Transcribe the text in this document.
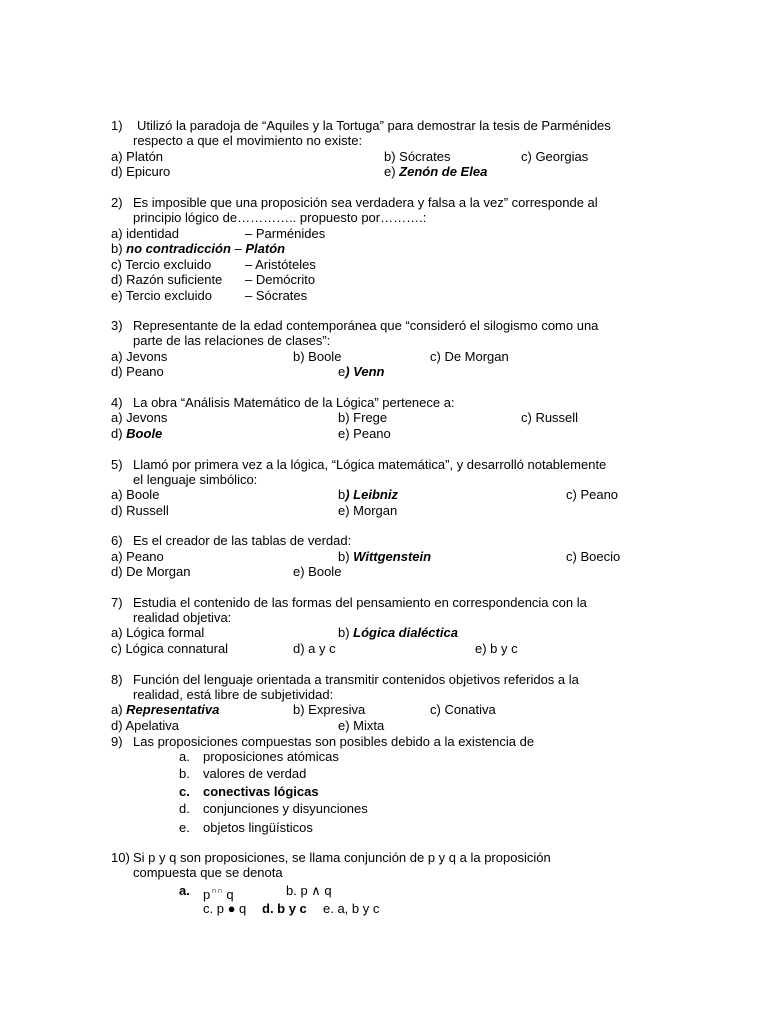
1) Utilizó la paradoja de “Aquiles y la Tortuga” para demostrar la tesis de Parménides
respecto a que el movimiento no existe:
a) Platón	b) Sócrates	c) Georgias
d) Epicuro	e) Zenón de Elea
2) Es imposible que una proposición sea verdadera y falsa a la vez” corresponde al
principio lógico de………….. propuesto por……….:
a) identidad	– Parménides
b) no contradicción – Platón
c) Tercio excluido	– Aristóteles
d) Razón suficiente – Demócrito
e) Tercio excluido	– Sócrates
3) Representante de la edad contemporánea que “consideró el silogismo como una
parte de las relaciones de clases”:
a) Jevons	b) Boole	c) De Morgan
d) Peano	e) Venn
4) La obra “Análisis Matemático de la Lógica” pertenece a:
a) Jevons	b) Frege	c) Russell
d) Boole	e) Peano
5) Llamó por primera vez a la lógica, “Lógica matemática”, y desarrolló notablemente
el lenguaje simbólico:
a) Boole	b) Leibniz	c) Peano
d) Russell	e) Morgan
6) Es el creador de las tablas de verdad:
a) Peano	b) Wittgenstein	c) Boecio
d) De Morgan	e) Boole
7) Estudia el contenido de las formas del pensamiento en correspondencia con la
realidad objetiva:
a) Lógica formal	b) Lógica dialéctica
c) Lógica connatural	d) a y c	e) b y c
8) Función del lenguaje orientada a transmitir contenidos objetivos referidos a la
realidad, está libre de subjetividad:
a) Representativa	b) Expresiva	c) Conativa
d) Apelativa	e) Mixta
9) Las proposiciones compuestas son posibles debido a la existencia de
a. proposiciones atómicas
b. valores de verdad
c. conectivas lógicas
d. conjunciones y disyunciones
e. objetos lingüísticos
10) Si p y q son proposiciones, se llama conjunción de p y q a la proposición
compuesta que se denota
a. p∩∩ q	b. p ∧ q
c. p ● q d. b y c e. a, b y c
